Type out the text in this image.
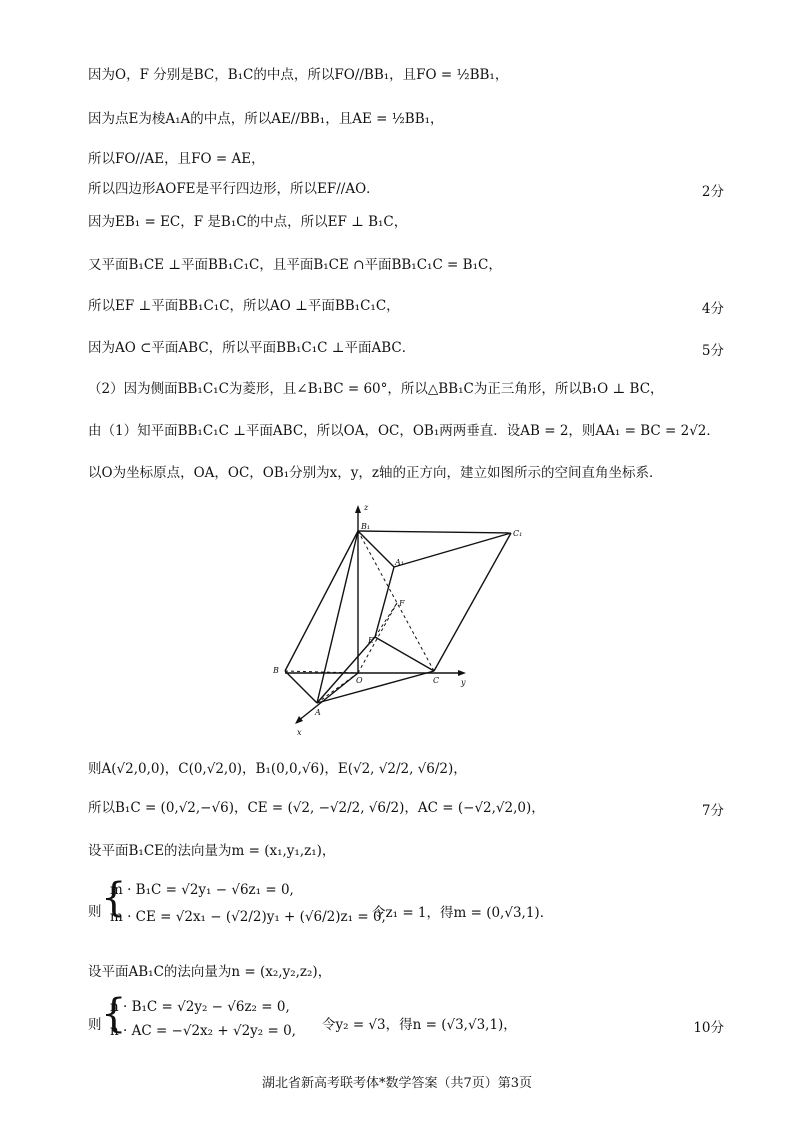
因为O，F 分别是BC，B₁C的中点，所以FO//BB₁，且FO = ½BB₁，
因为点E为棱A₁A的中点，所以AE//BB₁，且AE = ½BB₁，
所以FO//AE，且FO = AE，
所以四边形AOFE是平行四边形，所以EF//AO．	2分
因为EB₁ = EC，F 是B₁C的中点，所以EF ⊥ B₁C，
又平面B₁CE ⊥平面BB₁C₁C，且平面B₁CE ∩平面BB₁C₁C = B₁C，
所以EF ⊥平面BB₁C₁C，所以AO ⊥平面BB₁C₁C，	4分
因为AO ⊂平面ABC，所以平面BB₁C₁C ⊥平面ABC．	5分
（2）因为侧面BB₁C₁C为菱形，且∠B₁BC = 60°，所以△BB₁C为正三角形，所以B₁O ⊥ BC，
由（1）知平面BB₁C₁C ⊥平面ABC，所以OA，OC，OB₁两两垂直．设AB = 2，则AA₁ = BC = 2√2．
以O为坐标原点，OA，OC，OB₁分别为x，y，z轴的正方向，建立如图所示的空间直角坐标系．
z
y
x
B₁
C₁
A₁
F
E
B
O	C
A
则A(√2,0,0)，C(0,√2,0)，B₁(0,0,√6)，E(√2, √2/2, √6/2)，
所以B₁C = (0,√2,−√6)，CE = (√2, −√2/2, √6/2)，AC = (−√2,√2,0)，	7分
设平面B₁CE的法向量为m = (x₁,y₁,z₁)，
则 {
m · B₁C = √2y₁ − √6z₁ = 0,
m · CE = √2x₁ − (√2/2)y₁ + (√6/2)z₁ = 0,
令z₁ = 1，得m = (0,√3,1)．
设平面AB₁C的法向量为n = (x₂,y₂,z₂)，
则 {
n · B₁C = √2y₂ − √6z₂ = 0,
n · AC = −√2x₂ + √2y₂ = 0, 令y₂ = √3，得n = (√3,√3,1)，	10分
湖北省新高考联考体*数学答案（共7页）第3页
